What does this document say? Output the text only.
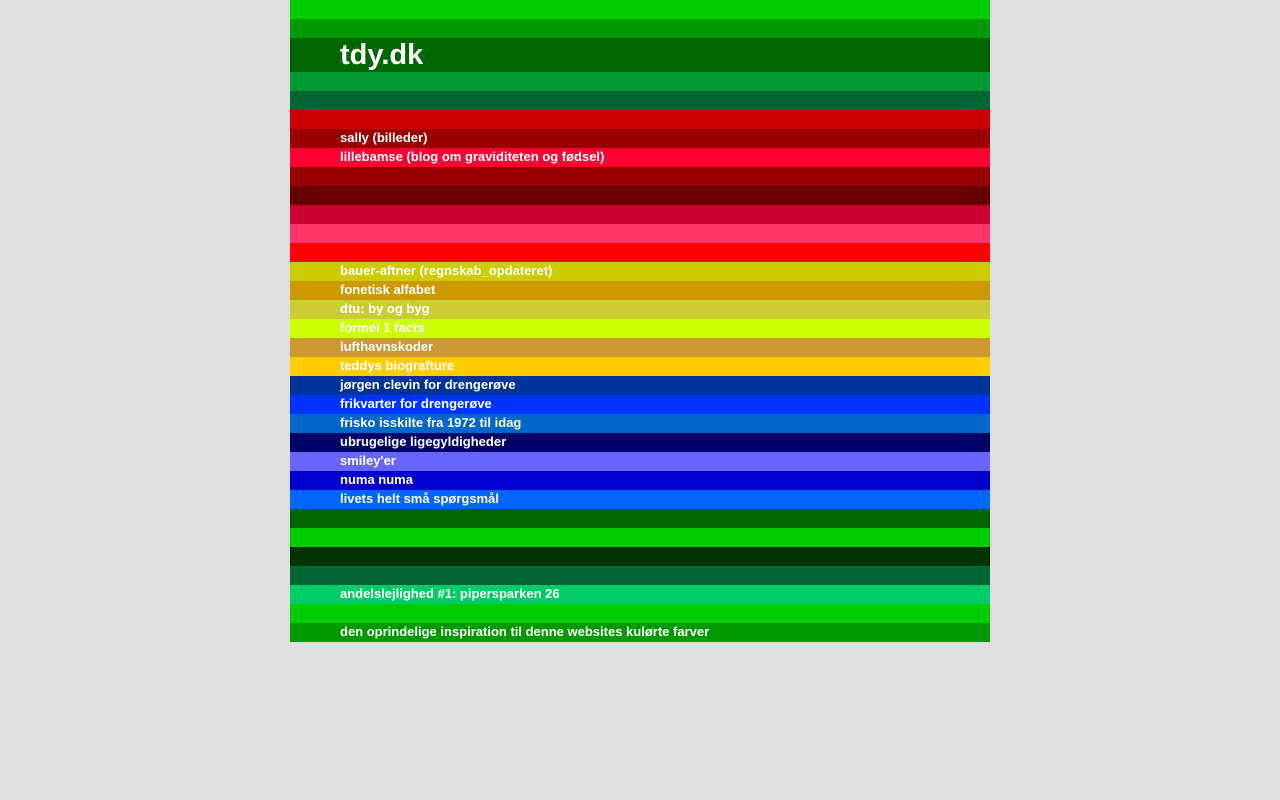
tdy.dk
sally (billeder)
lillebamse (blog om graviditeten og fødsel)
bauer-aftner (regnskab_opdateret)
fonetisk alfabet
dtu: by og byg
formel 1 facts
lufthavnskoder
teddys biografture
jørgen clevin for drengerøve
frikvarter for drengerøve
frisko isskilte fra 1972 til idag
ubrugelige ligegyldigheder
smiley'er
numa numa
livets helt små spørgsmål
andelslejlighed #1: pipersparken 26
den oprindelige inspiration til denne websites kulørte farver
